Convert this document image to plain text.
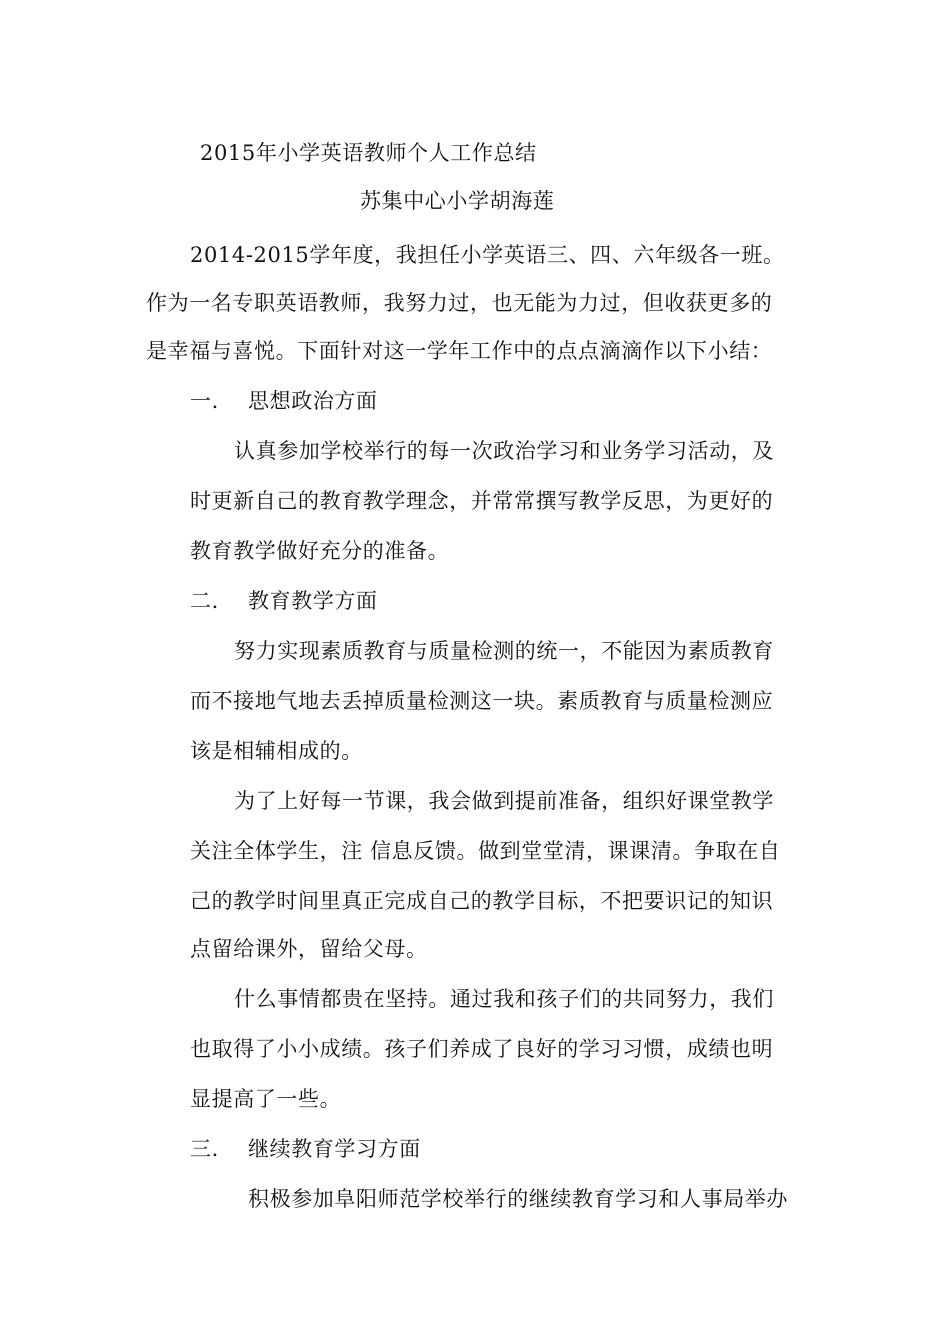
2015年小学英语教师个人工作总结
苏集中心小学胡海莲
2014-2015学年度，我担任小学英语三、四、六年级各一班。
作为一名专职英语教师，我努力过，也无能为力过，但收获更多的
是幸福与喜悦。下面针对这一学年工作中的点点滴滴作以下小结：
一. 思想政治方面
认真参加学校举行的每一次政治学习和业务学习活动，及
时更新自己的教育教学理念，并常常撰写教学反思，为更好的
教育教学做好充分的准备。
二. 教育教学方面
努力实现素质教育与质量检测的统一，不能因为素质教育
而不接地气地去丢掉质量检测这一块。素质教育与质量检测应
该是相辅相成的。
为了上好每一节课，我会做到提前准备，组织好课堂教学
关注全体学生，注 信息反馈。做到堂堂清，课课清。争取在自
己的教学时间里真正完成自己的教学目标，不把要识记的知识
点留给课外，留给父母。
什么事情都贵在坚持。通过我和孩子们的共同努力，我们
也取得了小小成绩。孩子们养成了良好的学习习惯，成绩也明
显提高了一些。
三. 继续教育学习方面
积极参加阜阳师范学校举行的继续教育学习和人事局举办
